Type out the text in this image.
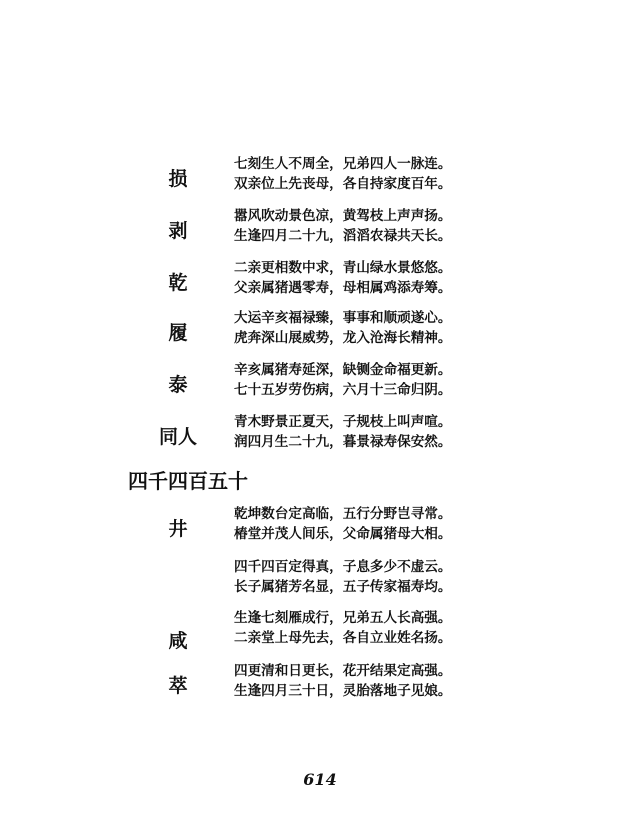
损
七刻生人不周全，兄弟四人一脉连。
双亲位上先丧母，各自持家度百年。
剥
嚣风吹动景色凉，黄驾枝上声声扬。
生逢四月二十九，滔滔农禄共天长。
乾
二亲更相数中求，青山绿水景悠悠。
父亲属猪遇零寿，母相属鸡添寿筹。
履
大运辛亥福禄臻，事事和顺顽遂心。
虎奔深山展威势，龙入沧海长精神。
泰
辛亥属猪寿延深，缺铡金命福更新。
七十五岁劳伤病，六月十三命归阴。
同人
青木野景正夏天，子规枝上叫声喧。
润四月生二十九，暮景禄寿保安然。
四千四百五十
井
乾坤数台定高临，五行分野岂寻常。
椿堂并茂人间乐，父命属猪母大相。
四千四百定得真，子息多少不虚云。
长子属猪芳名显，五子传家福寿均。
咸
生逢七刻雁成行，兄弟五人长高强。
二亲堂上母先去，各自立业姓名扬。
萃
四更清和日更长，花开结果定高强。
生逢四月三十日，灵胎落地子见娘。
614
